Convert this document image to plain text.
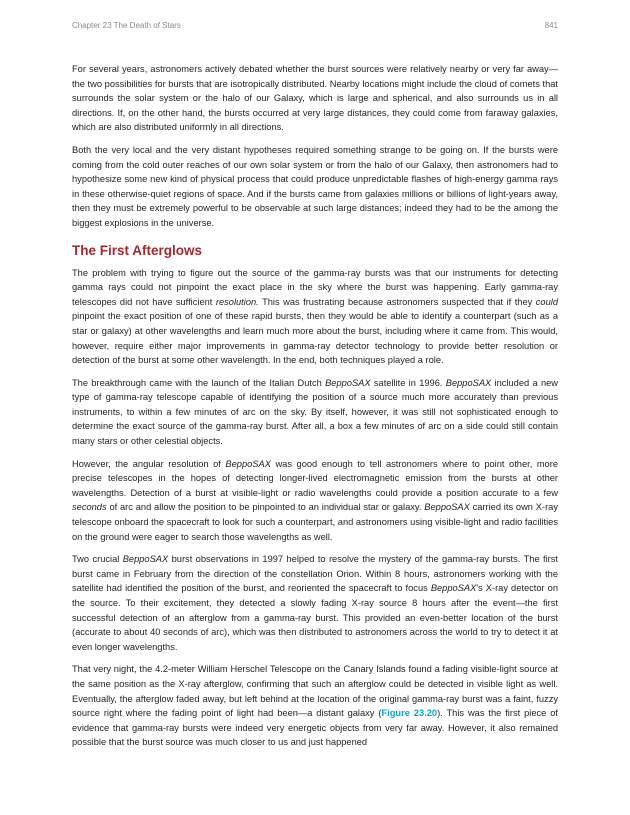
Chapter 23 The Death of Stars	841

For several years, astronomers actively debated whether the burst sources were relatively nearby or very far away—the two possibilities for bursts that are isotropically distributed. Nearby locations might include the cloud of comets that surrounds the solar system or the halo of our Galaxy, which is large and spherical, and also surrounds us in all directions. If, on the other hand, the bursts occurred at very large distances, they could come from faraway galaxies, which are also distributed uniformly in all directions.

Both the very local and the very distant hypotheses required something strange to be going on. If the bursts were coming from the cold outer reaches of our own solar system or from the halo of our Galaxy, then astronomers had to hypothesize some new kind of physical process that could produce unpredictable flashes of high-energy gamma rays in these otherwise-quiet regions of space. And if the bursts came from galaxies millions or billions of light-years away, then they must be extremely powerful to be observable at such large distances; indeed they had to be the among the biggest explosions in the universe.

The First Afterglows

The problem with trying to figure out the source of the gamma-ray bursts was that our instruments for detecting gamma rays could not pinpoint the exact place in the sky where the burst was happening. Early gamma-ray telescopes did not have sufficient resolution. This was frustrating because astronomers suspected that if they could pinpoint the exact position of one of these rapid bursts, then they would be able to identify a counterpart (such as a star or galaxy) at other wavelengths and learn much more about the burst, including where it came from. This would, however, require either major improvements in gamma-ray detector technology to provide better resolution or detection of the burst at some other wavelength. In the end, both techniques played a role.

The breakthrough came with the launch of the Italian Dutch BeppoSAX satellite in 1996. BeppoSAX included a new type of gamma-ray telescope capable of identifying the position of a source much more accurately than previous instruments, to within a few minutes of arc on the sky. By itself, however, it was still not sophisticated enough to determine the exact source of the gamma-ray burst. After all, a box a few minutes of arc on a side could still contain many stars or other celestial objects.

However, the angular resolution of BeppoSAX was good enough to tell astronomers where to point other, more precise telescopes in the hopes of detecting longer-lived electromagnetic emission from the bursts at other wavelengths. Detection of a burst at visible-light or radio wavelengths could provide a position accurate to a few seconds of arc and allow the position to be pinpointed to an individual star or galaxy. BeppoSAX carried its own X-ray telescope onboard the spacecraft to look for such a counterpart, and astronomers using visible-light and radio facilities on the ground were eager to search those wavelengths as well.

Two crucial BeppoSAX burst observations in 1997 helped to resolve the mystery of the gamma-ray bursts. The first burst came in February from the direction of the constellation Orion. Within 8 hours, astronomers working with the satellite had identified the position of the burst, and reoriented the spacecraft to focus BeppoSAX's X-ray detector on the source. To their excitement, they detected a slowly fading X-ray source 8 hours after the event—the first successful detection of an afterglow from a gamma-ray burst. This provided an even-better location of the burst (accurate to about 40 seconds of arc), which was then distributed to astronomers across the world to try to detect it at even longer wavelengths.

That very night, the 4.2-meter William Herschel Telescope on the Canary Islands found a fading visible-light source at the same position as the X-ray afterglow, confirming that such an afterglow could be detected in visible light as well. Eventually, the afterglow faded away, but left behind at the location of the original gamma-ray burst was a faint, fuzzy source right where the fading point of light had been—a distant galaxy (Figure 23.20). This was the first piece of evidence that gamma-ray bursts were indeed very energetic objects from very far away. However, it also remained possible that the burst source was much closer to us and just happened
